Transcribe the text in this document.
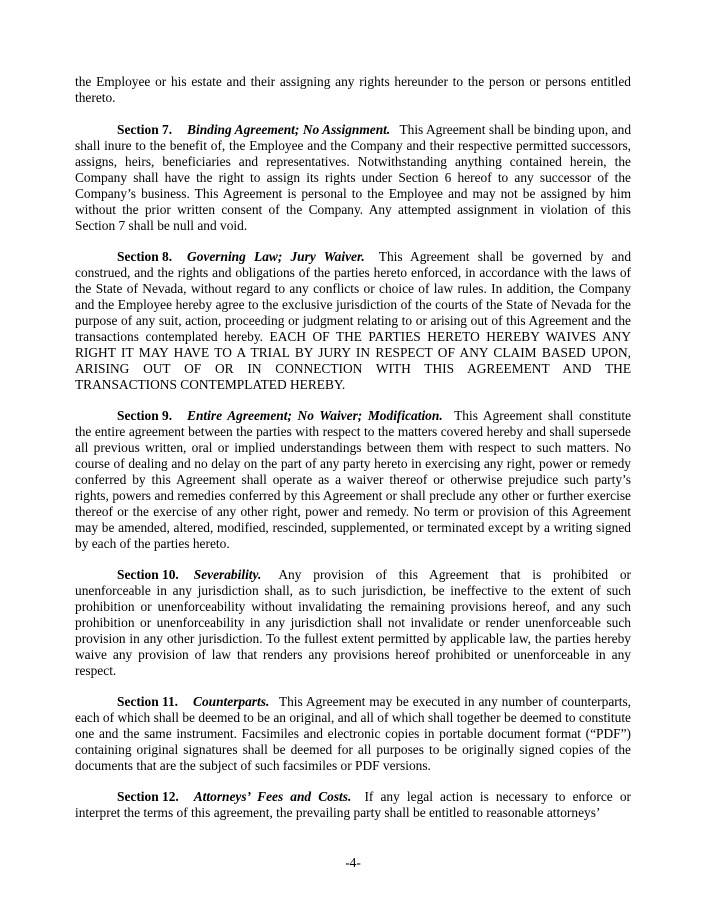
the Employee or his estate and their assigning any rights hereunder to the person or persons entitled thereto.

Section 7. Binding Agreement; No Assignment. This Agreement shall be binding upon, and shall inure to the benefit of, the Employee and the Company and their respective permitted successors, assigns, heirs, beneficiaries and representatives. Notwithstanding anything contained herein, the Company shall have the right to assign its rights under Section 6 hereof to any successor of the Company’s business. This Agreement is personal to the Employee and may not be assigned by him without the prior written consent of the Company. Any attempted assignment in violation of this Section 7 shall be null and void.

Section 8. Governing Law; Jury Waiver. This Agreement shall be governed by and construed, and the rights and obligations of the parties hereto enforced, in accordance with the laws of the State of Nevada, without regard to any conflicts or choice of law rules. In addition, the Company and the Employee hereby agree to the exclusive jurisdiction of the courts of the State of Nevada for the purpose of any suit, action, proceeding or judgment relating to or arising out of this Agreement and the transactions contemplated hereby. EACH OF THE PARTIES HERETO HEREBY WAIVES ANY RIGHT IT MAY HAVE TO A TRIAL BY JURY IN RESPECT OF ANY CLAIM BASED UPON, ARISING OUT OF OR IN CONNECTION WITH THIS AGREEMENT AND THE TRANSACTIONS CONTEMPLATED HEREBY.

Section 9. Entire Agreement; No Waiver; Modification. This Agreement shall constitute the entire agreement between the parties with respect to the matters covered hereby and shall supersede all previous written, oral or implied understandings between them with respect to such matters. No course of dealing and no delay on the part of any party hereto in exercising any right, power or remedy conferred by this Agreement shall operate as a waiver thereof or otherwise prejudice such party’s rights, powers and remedies conferred by this Agreement or shall preclude any other or further exercise thereof or the exercise of any other right, power and remedy. No term or provision of this Agreement may be amended, altered, modified, rescinded, supplemented, or terminated except by a writing signed by each of the parties hereto.

Section 10. Severability. Any provision of this Agreement that is prohibited or unenforceable in any jurisdiction shall, as to such jurisdiction, be ineffective to the extent of such prohibition or unenforceability without invalidating the remaining provisions hereof, and any such prohibition or unenforceability in any jurisdiction shall not invalidate or render unenforceable such provision in any other jurisdiction. To the fullest extent permitted by applicable law, the parties hereby waive any provision of law that renders any provisions hereof prohibited or unenforceable in any respect.

Section 11. Counterparts. This Agreement may be executed in any number of counterparts, each of which shall be deemed to be an original, and all of which shall together be deemed to constitute one and the same instrument. Facsimiles and electronic copies in portable document format (“PDF”) containing original signatures shall be deemed for all purposes to be originally signed copies of the documents that are the subject of such facsimiles or PDF versions.

Section 12. Attorneys’ Fees and Costs. If any legal action is necessary to enforce or interpret the terms of this agreement, the prevailing party shall be entitled to reasonable attorneys’

-4-
